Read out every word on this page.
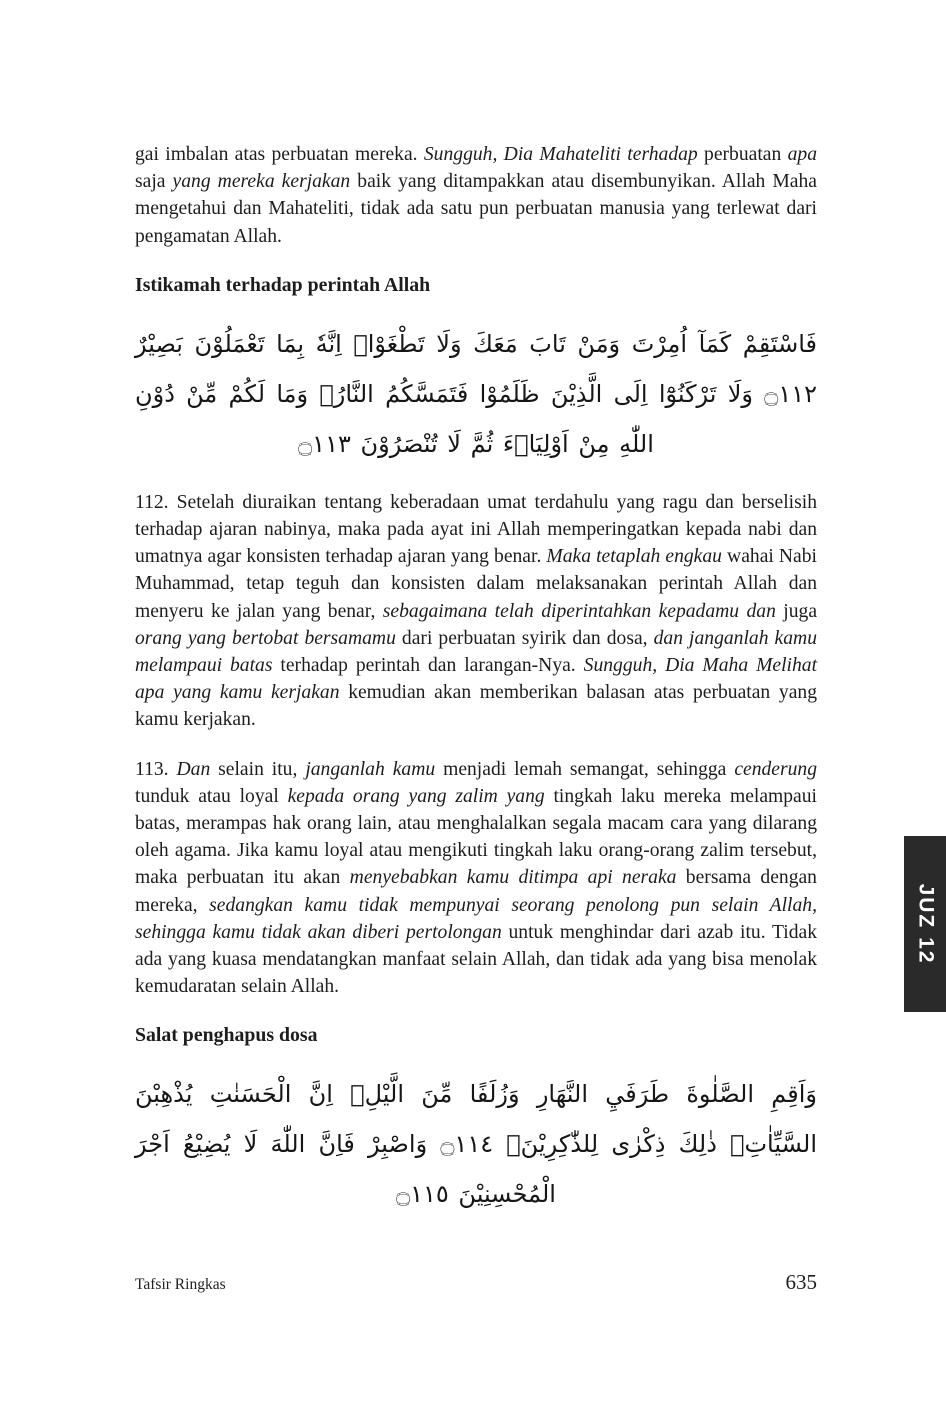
gai imbalan atas perbuatan mereka. Sungguh, Dia Mahateliti terhadap perbuatan apa saja yang mereka kerjakan baik yang ditampakkan atau disembunyikan. Allah Maha mengetahui dan Mahateliti, tidak ada satu pun perbuatan manusia yang terlewat dari pengamatan Allah.

Istikamah terhadap perintah Allah
فَاسْتَقِمْ كَمَآ اُمِرْتَ وَمَنْ تَابَ مَعَكَ وَلَا تَطْغَوْاۗ اِنَّهٗ بِمَا تَعْمَلُوْنَ بَصِيْرٌ ۝١١٢ وَلَا تَرْكَنُوْٓا اِلَى الَّذِيْنَ ظَلَمُوْا فَتَمَسَّكُمُ النَّارُۙ وَمَا لَكُمْ مِّنْ دُوْنِ اللّٰهِ مِنْ اَوْلِيَاۤءَ ثُمَّ لَا تُنْصَرُوْنَ ۝١١٣

112. Setelah diuraikan tentang keberadaan umat terdahulu yang ragu dan berselisih terhadap ajaran nabinya, maka pada ayat ini Allah memperingatkan kepada nabi dan umatnya agar konsisten terhadap ajaran yang benar. Maka tetaplah engkau wahai Nabi Muhammad, tetap teguh dan konsisten dalam melaksanakan perintah Allah dan menyeru ke jalan yang benar, sebagaimana telah diperintahkan kepadamu dan juga orang yang bertobat bersamamu dari perbuatan syirik dan dosa, dan janganlah kamu melampaui batas terhadap perintah dan larangan-Nya. Sungguh, Dia Maha Melihat apa yang kamu kerjakan kemudian akan memberikan balasan atas perbuatan yang kamu kerjakan.

113. Dan selain itu, janganlah kamu menjadi lemah semangat, sehingga cenderung tunduk atau loyal kepada orang yang zalim yang tingkah laku mereka melampaui batas, merampas hak orang lain, atau menghalalkan segala macam cara yang dilarang oleh agama. Jika kamu loyal atau mengikuti tingkah laku orang-orang zalim tersebut, maka perbuatan itu akan menyebabkan kamu ditimpa api neraka bersama dengan mereka, sedangkan kamu tidak mempunyai seorang penolong pun selain Allah, sehingga kamu tidak akan diberi pertolongan untuk menghindar dari azab itu. Tidak ada yang kuasa mendatangkan manfaat selain Allah, dan tidak ada yang bisa menolak kemudaratan selain Allah.

Salat penghapus dosa
وَاَقِمِ الصَّلٰوةَ طَرَفَيِ النَّهَارِ وَزُلَفًا مِّنَ الَّيْلِۗ اِنَّ الْحَسَنٰتِ يُذْهِبْنَ السَّيِّاٰتِۗ ذٰلِكَ ذِكْرٰى لِلذّٰكِرِيْنَۚ ۝١١٤ وَاصْبِرْ فَاِنَّ اللّٰهَ لَا يُضِيْعُ اَجْرَ الْمُحْسِنِيْنَ ۝١١٥
Tafsir Ringkas	635
JUZ 12
